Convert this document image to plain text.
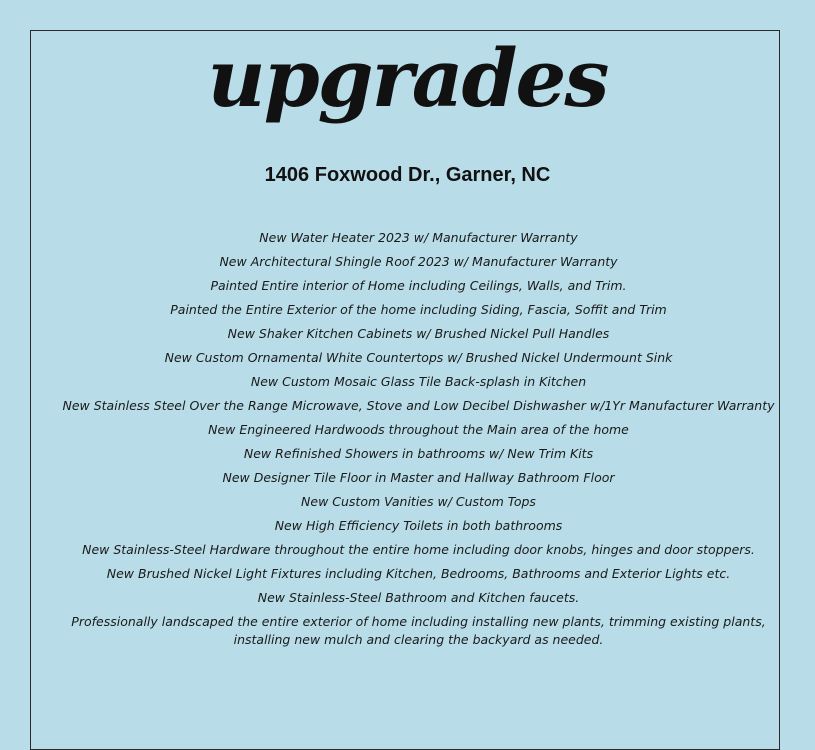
upgrades
1406 Foxwood Dr., Garner, NC
New Water Heater 2023 w/ Manufacturer Warranty
New Architectural Shingle Roof 2023 w/ Manufacturer Warranty
Painted Entire interior of Home including Ceilings, Walls, and Trim.
Painted the Entire Exterior of the home including Siding, Fascia, Soffit and Trim
New Shaker Kitchen Cabinets w/ Brushed Nickel Pull Handles
New Custom Ornamental White Countertops w/ Brushed Nickel Undermount Sink
New Custom Mosaic Glass Tile Back-splash in Kitchen
New Stainless Steel Over the Range Microwave, Stove and Low Decibel Dishwasher w/1Yr Manufacturer Warranty
New Engineered Hardwoods throughout the Main area of the home
New Refinished Showers in bathrooms w/ New Trim Kits
New Designer Tile Floor in Master and Hallway Bathroom Floor
New Custom Vanities w/ Custom Tops
New High Efficiency Toilets in both bathrooms
New Stainless-Steel Hardware throughout the entire home including door knobs, hinges and door stoppers.
New Brushed Nickel Light Fixtures including Kitchen, Bedrooms, Bathrooms and Exterior Lights etc.
New Stainless-Steel Bathroom and Kitchen faucets.
Professionally landscaped the entire exterior of home including installing new plants, trimming existing plants, installing new mulch and clearing the backyard as needed.
